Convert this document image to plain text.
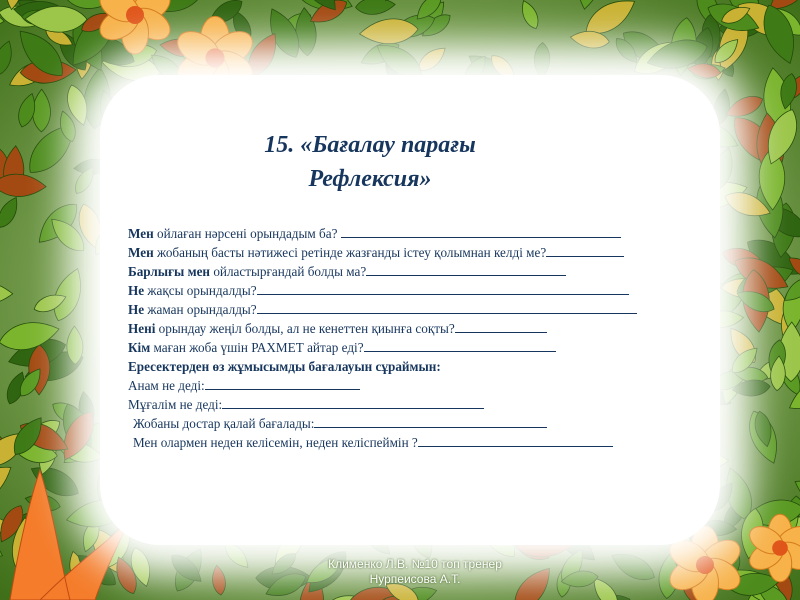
15. «Бағалау парағы
Рефлексия»
Мен ойлаған нәрсені орындадым ба?
Мен жобаның басты нәтижесі ретінде жазғанды істеу қолымнан келді ме?
Барлығы мен ойластырғандай болды ма?
Не жақсы орындалды?
Не жаман орындалды?
Нені орындау жеңіл болды, ал не кенеттен қиынға соқты?
Кім маған жоба үшін РАХМЕТ айтар еді?
Ересектерден өз жұмысымды бағалауын сұраймын:
Анам не деді:
Мұғалім не деді:
Жобаны достар қалай бағалады:
Мен олармен неден келісемін, неден келіспеймін ?
Клименко Л.В. №10 топ тренер
Нурпеисова А.Т.
